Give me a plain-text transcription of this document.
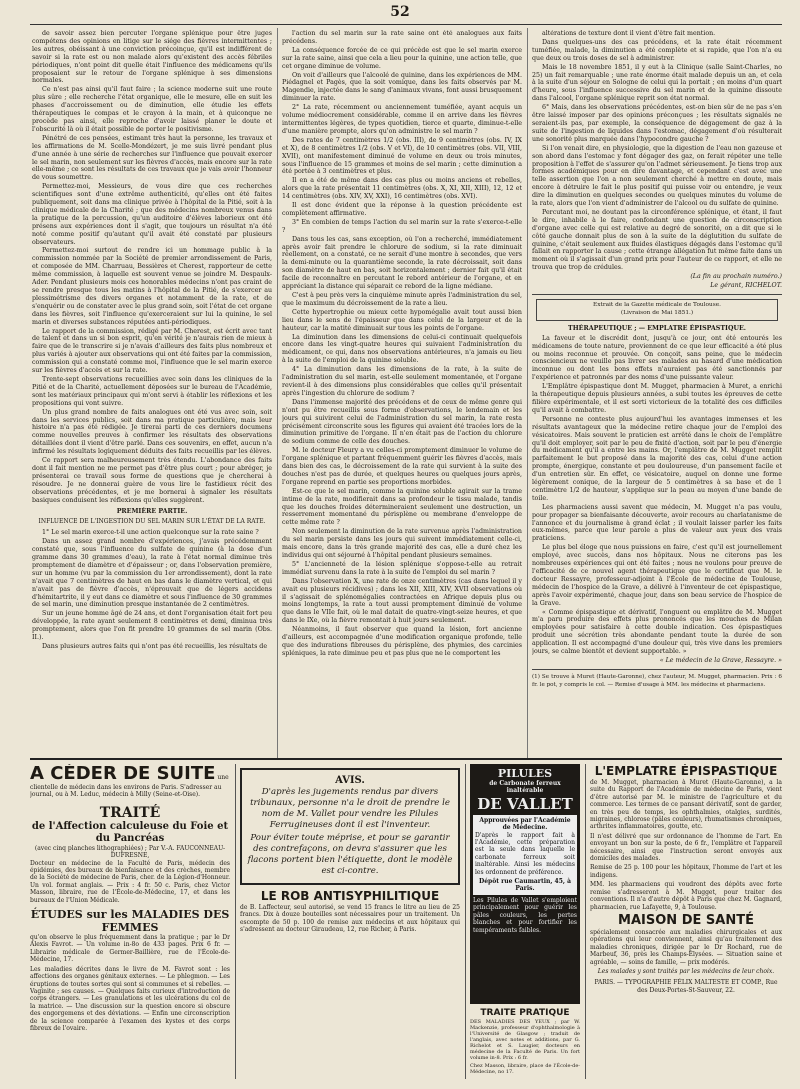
52

de savoir assez bien percuter l'organe splénique pour être juges compétens des opinions en litige sur le siége des fièvres intermittentes ; les autres, obéissant à une conviction précoinçue, qu'il est indifférent de savoir si la rate est ou non malade alors qu'existent des accès fébriles périodiques, n'ont point dit quelle était l'influence des médicamens qu'ils proposaient sur le retour de l'organe splénique à ses dimensions normales.

Ce n'est pas ainsi qu'il faut faire ; la science moderne suit une route plus sûre ; elle recherche l'état organique, elle le mesure, elle en suit les phases d'accroissement ou de diminution, elle étudie les effets thérapeutiques le compas et le crayon à la main, et à quiconque ne procède pas ainsi, elle reproche d'avoir laissé planer le doute et l'obscurité là où il était possible de porter le positivisme.

Pénétré de ces pensées, estimant très haut la personne, les travaux et les affirmations de M. Scelle-Mondézert, je me suis livré pendant plus d'une année à une série de recherches sur l'influence que pouvait exercer le sel marin, non seulement sur les fièvres d'accès, mais encore sur la rate elle-même ; ce sont les résultats de ces travaux que je vais avoir l'honneur de vous soumettre.

Permettez-moi, Messieurs, de vous dire que ces recherches scientifiques sont d'une extrême authenticité, qu'elles ont été faites publiquement, soit dans ma clinique privée à l'hôpital de la Pitié, soit à la clinique médicale de la Charité ; que des médecins nombreux venus dans la pratique de la percussion, qu'un auditoire d'élèves laborieux ont été présens aux expériences dont il s'agit, que toujours un résultat n'a été noté comme positif qu'autant qu'il avait été constaté par plusieurs observateurs.

Permettez-moi surtout de rendre ici un hommage public à la commission nommée par la Société de premier arrondissement de Paris, et composée de MM. Charruau, Bessières et Cherest, rapporteur de cette même commission, à laquelle est souvent venue se joindre M. Despaulx-Ader. Pendant plusieurs mois ces honorables médecins n'ont pas craint de se rendre presque tous les matins à l'hôpital de la Pitié, de s'exercer au plessimétrisme des divers organes et notamment de la rate, et de s'enquérir ou de constater avec le plus grand soin, soit l'état de cet organe dans les fièvres, soit l'influence qu'exerceraient sur lui la quinine, le sel marin et diverses substances réputées anti-périodiques.

Le rapport de la commission, rédigé par M. Cherest, est écrit avec tant de talent et dans un si bon esprit, qu'en vérité je n'aurais rien de mieux à faire que de le transcrire si je n'avais d'ailleurs des faits plus nombreux et plus variés à ajouter aux observations qui ont été faites par la commission, commission qui a constaté comme moi, l'influence que le sel marin exerce sur les fièvres d'accès et sur la rate.

Trente-sept observations recueillies avec soin dans les cliniques de la Pitié et de la Charité, actuellement déposées sur le bureau de l'Académie, sont les matériaux principaux qui m'ont servi à établir les réflexions et les propositions qui vont suivre.

Un plus grand nombre de faits analogues ont été vus avec soin, soit dans les services publics, soit dans ma pratique particulière, mais leur histoire n'a pas été rédigée. Je tirerai parti de ces derniers documens comme nouvelles preuves à confirmer les résultats des observations détaillées dont il vient d'être parlé. Dans ces souvenirs, en effet, aucun n'a infirmé les résultats logiquement déduits des faits recueillis par les élèves.

Ce rapport sera malheureusement très étendu. L'abondance des faits dont il fait mention ne me permet pas d'être plus court ; pour abréger, je présenterai ce travail sous forme de questions que je chercherai à résoudre. Je ne donnerai guère de vous lire le fastidieux récit des observations précédentes, et je me bornerai à signaler les résultats basiques conduisent les réflexions qu'elles suggèrent.

PREMIÈRE PARTIE.

INFLUENCE DE L'INGESTION DU SEL MARIN SUR L'ÉTAT DE LA RATE.

1° Le sel marin exerce-t-il une action quelconque sur la rate saine ?

Dans un assez grand nombre d'expériences, j'avais précédemment constaté que, sous l'influence du sulfate de quinine (à la dose d'un gramme dans 30 grammes d'eau), la rate à l'état normal diminue très promptement de diamètre et d'épaisseur ; or, dans l'observation première, sur un homme (vu par la commission du 1er arrondissement), dont la rate n'avait que 7 centimètres de haut en bas dans le diamètre vertical, et qui n'avait pas de fièvre d'accès, n'éprouvait que de légers accidens d'hémitartrite, il y eut dans ce diamètre et sous l'influence de 30 grammes de sel marin, une diminution presque instantanée de 2 centimètres.

Sur un jeune homme âgé de 24 ans, et dont l'organisation était fort peu développée, la rate ayant seulement 8 centimètres et demi, diminua très promptement, alors que l'on fit prendre 10 grammes de sel marin (Obs. II.).

Dans plusieurs autres faits qui n'ont pas été recueillis, les résultats de

l'action du sel marin sur la rate saine ont été analogues aux faits précédens.

La conséquence forcée de ce qui précède est que le sel marin exerce sur la rate saine, ainsi que cela a lieu pour la quinine, une action telle, que cet organe diminue de volume.

On voit d'ailleurs que l'alcoolé de quinine, dans les expériences de MM. Piédagnel et Pagès, que la soit vomique, dans les faits observés par M. Magendie, injectée dans le sang d'animaux vivans, font aussi brusquement diminuer la rate.

2° La rate, récemment ou anciennement tuméfiée, ayant acquis un volume médiocrement considérable, comme il en arrive dans les fièvres intermittentes légères, de types quotidien, tierce et quarte, diminue-t-elle d'une manière prompte, alors qu'on administre le sel marin ?

Des rates de 7 centimètres 1/2 (obs. III), de 9 centimètres (obs. IV, IX et X), de 8 centimètres 1/2 (obs. V et VI), de 10 centimètres (obs. VII, VIII, XVII), ont manifestement diminué de volume en deux ou trois minutes, sous l'influence de 15 grammes et moins de sel marin ; cette diminution a été portée à 3 centimètres et plus.

Il en a été de même dans des cas plus ou moins anciens et rebelles, alors que la rate présentait 11 centimètres (obs. X, XI, XII, XIII), 12, 12 et 14 centimètres (obs. XIV, XV, XXI), 16 centimètres (obs. XVI).

Il est donc évident que la réponse à la question précédente est complètement affirmative.

3° En combien de temps l'action du sel marin sur la rate s'exerce-t-elle ?

Dans tous les cas, sans exception, où l'on a recherché, immédiatement après avoir fait prendre le chlorure de sodium, si la rate diminuait réellement, on a constaté, ce ne serait d'une montre à secondes, que vers la demi-minute ou la quarantième seconde, la rate décroissait, soit dans son diamètre de haut en bas, soit horizontalement ; dernier fait qu'il était facile de reconnaître en percutant le rebord antérieur de l'organe, et en appréciant la distance qui séparait ce rebord de la ligne médiane.

C'est à peu près vers la cinquième minute après l'administration du sel, que le maximum du décroissement de la rate a lieu.

Cette hypertrophie ou mieux cette hypomégalie avait tout aussi bien lieu dans le sens de l'épaisseur que dans celui de la largeur et de la hauteur, car la matité diminuait sur tous les points de l'organe.

La diminution dans les dimensions de celui-ci continuait quelquefois encore dans les vingt-quatre heures qui suivaient l'administration du médicament, ce qui, dans nos observations antérieures, n'a jamais eu lieu à la suite de l'emploi de la quinine soluble.

4° La diminution dans les dimensions de la rate, à la suite de l'administration du sel marin, est-elle seulement momentanée, et l'organe revient-il à des dimensions plus considérables que celles qu'il présentait après l'ingestion du chlorure de sodium ?

Dans l'immense majorité des précédens et de ceux de même genre qui n'ont pu être recueillis sous forme d'observations, le lendemain et les jours qui suivirent celui de l'administration du sel marin, la rate resta précisément circonscrite sous les figures qui avaient été tracées lors de la diminution primitive de l'organe. Il n'en était pas de l'action du chlorure de sodium comme de celle des douches.

M. le docteur Fleury a vu celles-ci promptement diminuer le volume de l'organe splénique et partant fréquemment guérir les fièvres d'accès, mais dans bien des cas, le décroissement de la rate qui survient à la suite des douches n'est pas de durée, et quelques heures ou quelques jours après, l'organe reprend en partie ses proportions morbides.

Est-ce que le sel marin, comme la quinine soluble agirait sur la trame intime de la rate, modifierait dans sa profondeur le tissu malade, tandis que les douches froides détermineraient seulement une destruction, un resserrement momentané du périsplène ou membrane d'enveloppe de cette même rate ?

Non seulement la diminution de la rate survenue après l'administration du sel marin persiste dans les jours qui suivent immédiatement celle-ci, mais encore, dans la très grande majorité des cas, elle a duré chez les individus qui ont séjourné à l'hôpital pendant plusieurs semaines.

5° L'ancienneté de la lésion splénique s'oppose-t-elle au retrait immédiat survenu dans la rate à la suite de l'emploi du sel marin ?

Dans l'observation X, une rate de onze centimètres (cas dans lequel il y avait eu plusieurs récidives) ; dans les XII, XIII, XIV, XVII observations où il s'agissait de splénomégalies contractées en Afrique depuis plus ou moins longtemps, la rate a tout aussi promptement diminué de volume que dans le VIIe fait, où le mal datait de quatre-vingt-seize heures, et que dans le IXe, où la fièvre remontait à huit jours seulement.

Néanmoins, il faut observer que quand la lésion, fort ancienne d'ailleurs, est accompagnée d'une modification organique profonde, telle que des indurations fibreuses du périsplène, des phymies, des carcinies spléniques, la rate diminue peu et pas plus que ne le comportent les

altérations de texture dont il vient d'être fait mention.

Dans quelques-uns des cas précédens, et la rate était récemment tuméfiée, malade, la diminution a été complète et si rapide, que l'on n'a eu que deux ou trois doses de sel à administrer.

Mais le 18 novembre 1851, il y eut à la Clinique (salle Saint-Charles, no 25) un fait remarquable ; une rate énorme était malade depuis un an, et cela à la suite d'un séjour en Sologne de celui qui la portait ; en moins d'un quart d'heure, sous l'influence successive du sel marin et de la quinine dissoute dans l'alcool, l'organe splénique reprit son état normal.

6° Mais, dans les observations précédentes, est-on bien sûr de ne pas s'en être laissé imposer par des opinions préconçues ; les résultats signalés ne seraient-ils pas, par exemple, la conséquence de dégagement de gaz à la suite de l'ingestion de liquides dans l'estomac, dégagement d'où résulterait une sonorité plus marquée dans l'hypocondre gauche ?

Si l'on venait dire, en physiologie, que la digestion de l'eau non gazeuse et son abord dans l'estomac y font dégager des gaz, on ferait répéter une telle proposition à l'effet de s'assurer qu'on l'admet sérieusement. Je tiens trop aux formes académiques pour en dire davantage, et cependant c'est avec une telle assertion que l'on a non seulement cherché à mettre en doute, mais encore à détruire le fait le plus positif qui puisse voir ou entendre, je veux dire la diminution en quelques secondes ou quelques minutes du volume de la rate, alors que l'on vient d'administrer de l'alcool ou du sulfate de quinine.

Percutant moi, ne doutant pas la circonférence splénique, et étant, il faut le dire, inhabile à le faire, confondant une question de circonscription d'organe avec celle qui est relative au degré de sonorité, on a dit que si le côté gauche donnait plus de son à la suite de la déglutition du sulfate de quinine, c'était seulement aux fluides élastiques dégagés dans l'estomac qu'il fallait en rapporter la cause ; cette étrange allégation fut même faite dans un moment où il s'agissait d'un grand prix pour l'auteur de ce rapport, et elle ne trouva que trop de crédules.

(La fin au prochain numéro.)

Le gérant, RICHELOT.

Extrait de la Gazette médicale de Toulouse.
(Livraison de Mai 1851.)

THÉRAPEUTIQUE ; — EMPLATRE ÉPISPASTIQUE.

La faveur et le discrédit dont, jusqu'à ce jour, ont été entourés les médicamens de toute nature, proviennent de ce que leur efficacité a été plus ou moins reconnue et prouvée. On conçoit, sans peine, que le médecin consciencieux ne veuille pas livrer ses malades au hasard d'une médication inconnue ou dont les bons effets n'auraient pas été sanctionnés par l'expérience et patronnés par des noms d'une puissante valeur.

L'Emplâtre épispastique dont M. Mugget, pharmacien à Muret, a enrichi la thérapeutique depuis plusieurs années, a subi toutes les épreuves de cette filière expérimentale, et il est sorti victorieux de la totalité des ces difficiles qu'il avait à combattre.

Personne ne conteste plus aujourd'hui les avantages immenses et les résultats avantageux que la médecine retire chaque jour de l'emploi des vésicatoires. Mais souvent le praticien est arrêté dans le choix de l'emplâtre qu'il doit employer, soit par le peu de fixité d'action, soit par le peu d'énergie du médicament qu'il a entre les mains. Or, l'emplâtre de M. Mugget remplit parfaitement le but proposé dans la majorité des cas, celui d'une action prompte, énergique, constante et peu douloureuse, d'un pansement facile et d'un entretien sûr. En effet, ce vésicatoire, auquel on donne une forme légèrement conique, de la largeur de 5 centimètres à sa base et de 1 centimètre 1/2 de hauteur, s'applique sur la peau au moyen d'une bande de toile.

Les pharmaciens aussi savent que médecin, M. Mugget n'a pas voulu, pour propager sa bienfaisante découverte, avoir recours au charlatanisme de l'annonce et du journalisme à grand éclat ; il voulait laisser parler les faits eux-mêmes, parce que leur parole a plus de valeur aux yeux des vrais praticiens.

Le plus bel éloge que nous puissions en faire, c'est qu'il est journellement employé, avec succès, dans nos hôpitaux. Nous ne citerons pas les nombreuses expériences qui ont été faites ; nous ne voulons pour preuve de l'efficacité de ce nouvel agent thérapeutique que le certificat que M. le docteur Ressayre, professeur-adjoint à l'École de médecine de Toulouse, médecin de l'hospice de la Grave, a délivré à l'inventeur de cet épispastique, après l'avoir expérimenté, chaque jour, dans son beau service de l'hospice de la Grave.

« Comme épispastique et dérivatif, l'onguent ou emplâtre de M. Mugget m'a paru produire des effets plus prononcés que les mouches de Milan employées pour satisfaire à cette double indication. Ces épispastiques produit une sécrétion très abondante pendant toute la durée de son application. Il est accompagné d'une douleur qui, très vive dans les premiers jours, se calme bientôt et devient supportable. »

« Le médecin de la Grave, Ressayre. »

(1) Se trouve à Muret (Haute-Garonne), chez l'auteur, M. Mugget, pharmacien. Prix : 6 fr. le pot, y compris le col. — Remise d'usage à MM. les médecins et pharmaciens.

A CÉDER DE SUITE une clientelle de médecin dans les environs de Paris. S'adresser au journal, ou à M. Leduc, médecin à Milly (Seine-et-Oise).
TRAITÉ
de l'Affection calculeuse du Foie et du Pancréas
(avec cinq planches lithographiées) ; Par V.-A. FAUCONNEAU-DUFRESNE,

Docteur en médecine de la Faculté de Paris, médecin des épidémies, des bureaux de bienfaisance et des crèches, membre de la Société de médecine de Paris, cher. de la Légion-d'Honneur. Un vol. format anglais. — Prix : 4 fr. 50 c. Paris, chez Victor Masson, libraire, rue de l'École-de-Médecine, 17, et dans les bureaux de l'Union Médicale.

ÉTUDES sur les MALADIES DES FEMMES

qu'on observe le plus fréquemment dans la pratique ; par le Dr Alexis Favrot. — Un volume in-8o de 433 pages. Prix 6 fr. — Librairie médicale de Germer-Baillière, rue de l'École-de-Médecine, 17.

Les maladies décrites dans le livre de M. Favrot sont : les affections des organes génitaux externes. — Le phlegmon. — Les éruptions de toutes sortes qui sont si communes et si rebelles. — Vaginite ; ses causes. — Quelques faits curieux d'introduction de corps étrangers. — Les granulations et les ulcérations du col de la matrice. — Une discussion sur la question encore si obscure des engorgemens et des déviations. — Enfin une circonscription de la science comparée à l'examen des kystes et des corps fibreux de l'ovaire.

AVIS.

D'après les jugements rendus par divers tribunaux, personne n'a le droit de prendre le nom de M. Vallet pour vendre les Pilules Ferrugineuses dont il est l'inventeur.

Pour éviter toute méprise, et pour se garantir des contrefaçons, on devra s'assurer que les flacons portent bien l'étiquette, dont le modèle est ci-contre.

LE ROB ANTISYPHILITIQUE

de B. Laffecteur, seul autorisé, se vend 15 francs le litre au lieu de 25 francs. Dix à douze bouteilles sont nécessaires pour un traitement. Un escompte de 50 p. 100 de remise aux médecins et aux hôpitaux qui s'adressent au docteur Giraudeau, 12, rue Richer, à Paris.

PILULES
de Carbonate ferreux inaltérable
DE VALLET
Approuvées par l'Académie de Médecine.

D'après le rapport fait à l'Académie, cette préparation est la seule dans laquelle le carbonate ferreux soit inaltérable. Ainsi les médecins les ordonnent de préférence.

Dépôt rue Caumartin, 45, à Paris.

Les Pilules de Vallet s'emploient principalement pour guérir les pâles couleurs, les pertes blanches et pour fortifier les tempéraments faibles.

TRAITÉ PRATIQUE

DES MALADIES DES YEUX ; par W. Mackenzie, professeur d'ophthalmologie à l'Université de Glasgow ; traduit de l'anglais, avec notes et additions, par G. Richelot et S. Laugier, docteurs en médecine de la Faculté de Paris. Un fort volume in-8. Prix : 6 fr.

Chez Masson, libraire, place de l'École-de-Médecine, no 17.

L'EMPLATRE ÉPISPASTIQUE

de M. Mugget, pharmacien à Muret (Haute-Garonne), a la suite du Rapport de l'Académie de médecine de Paris, vient d'être autorisé par M. le ministre de l'agriculture et du commerce. Les termes de ce pansant dérivatif, sont de garder, en très peu de temps, les ophthalmies, otalgies, surdités, migraines, chlorose (pâles couleurs), rhumatismes chroniques, arthrites inflammatoires, goutte, etc.

Il n'est délivré que sur ordonnance de l'homme de l'art. En envoyant un bon sur la poste, de 6 fr., l'emplâtre et l'appareil nécessaire, ainsi que l'instruction seront envoyés aux domiciles des malades.

Remise de 25 p. 100 pour les hôpitaux, l'homme de l'art et les indigens.

MM. les pharmaciens qui voudront des dépôts avec forte remise s'adresseront à M. Mugget, pour traiter des conventions. Il n'a d'autre dépôt à Paris que chez M. Gagnard, pharmacien, rue Lafayette, 9, à Toulouse.

MAISON DE SANTÉ

spécialement consacrée aux maladies chirurgicales et aux opérations qui leur conviennent, ainsi qu'au traitement des maladies chroniques, dirigée par le Dr Rochard, rue de Marbeuf, 36, près les Champs-Élysées. — Situation saine et agréable, — soins de famille, — prix modérés.

Les malades y sont traités par les médecins de leur choix.

PARIS. — TYPOGRAPHIE FÉLIX MALTESTE ET COMP., Rue des Deux-Portes-St-Sauveur, 22.
